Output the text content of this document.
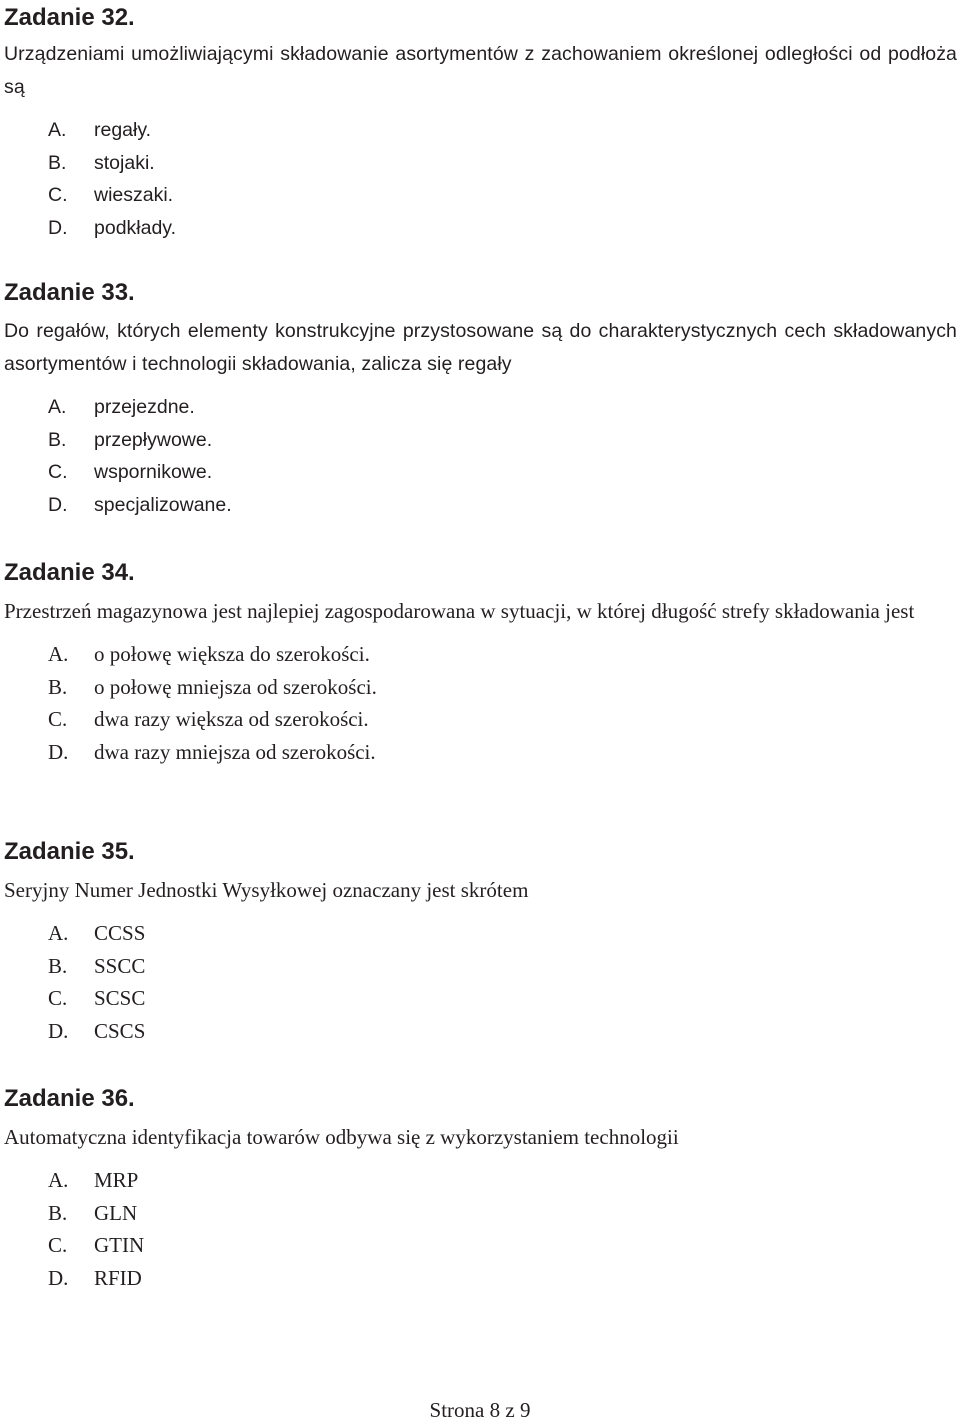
Zadanie 32.

Urządzeniami umożliwiającymi składowanie asortymentów z zachowaniem określonej odległości od podłoża są

A. regały.
B. stojaki.
C. wieszaki.
D. podkłady.
Zadanie 33.

Do regałów, których elementy konstrukcyjne przystosowane są do charakterystycznych cech składowanych asortymentów i technologii składowania, zalicza się regały

A. przejezdne.
B. przepływowe.
C. wspornikowe.
D. specjalizowane.
Zadanie 34.

Przestrzeń magazynowa jest najlepiej zagospodarowana w sytuacji, w której długość strefy składowania jest

A. o połowę większa do szerokości.
B. o połowę mniejsza od szerokości.
C. dwa razy większa od szerokości.
D. dwa razy mniejsza od szerokości.
Zadanie 35.

Seryjny Numer Jednostki Wysyłkowej oznaczany jest skrótem

A. CCSS
B. SSCC
C. SCSC
D. CSCS
Zadanie 36.

Automatyczna identyfikacja towarów odbywa się z wykorzystaniem technologii

A. MRP
B. GLN
C. GTIN
D. RFID
Strona 8 z 9
